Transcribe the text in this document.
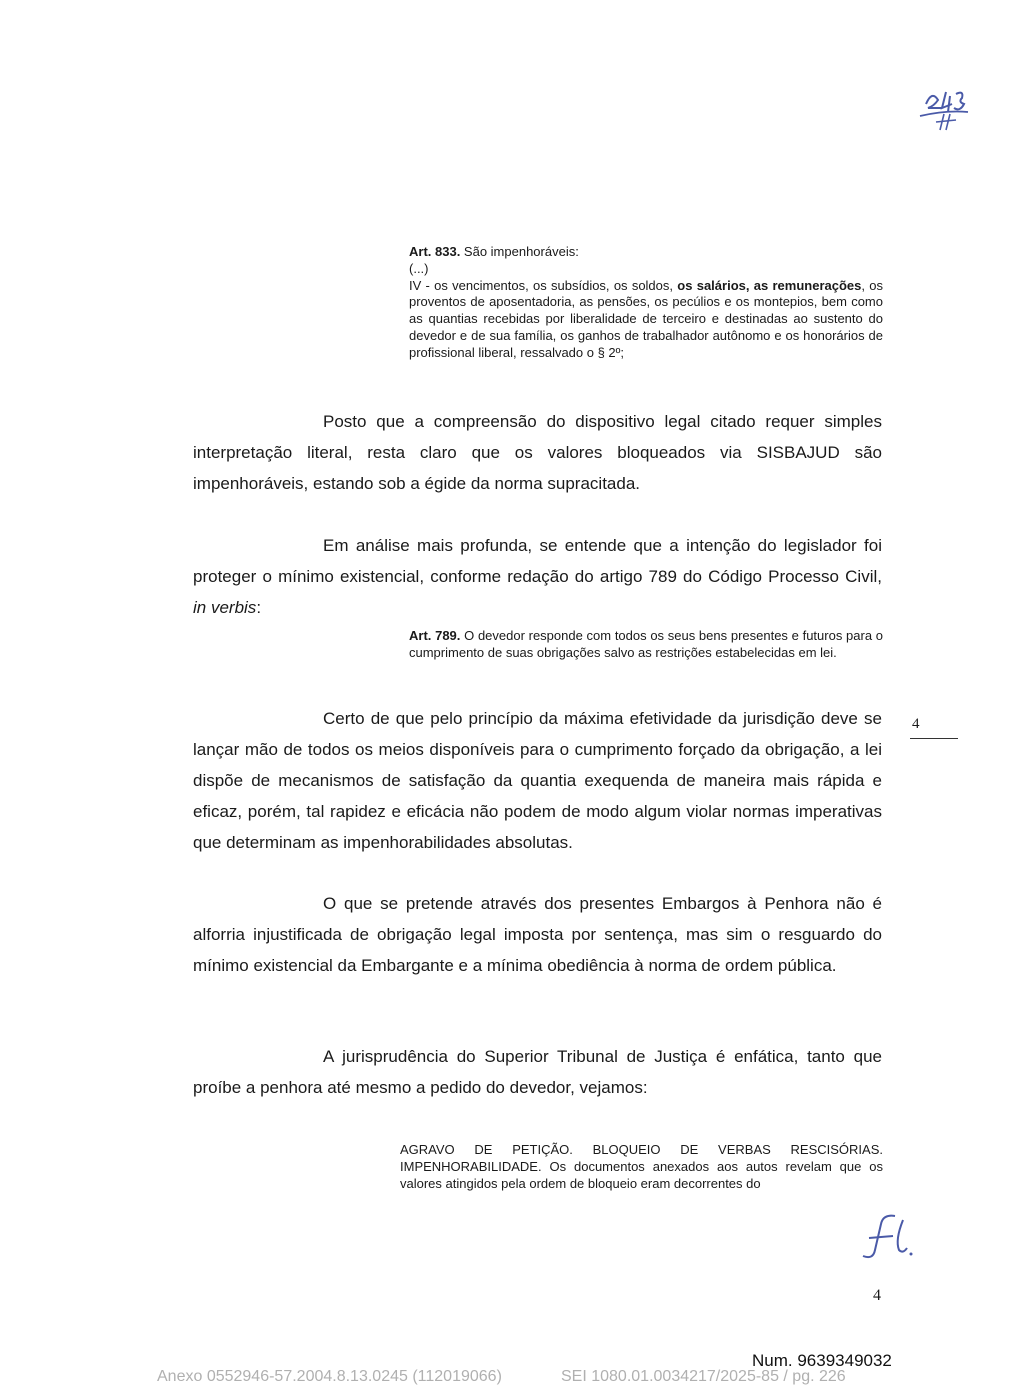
Art. 833. São impenhoráveis:
(...)
IV - os vencimentos, os subsídios, os soldos, os salários, as remunerações, os proventos de aposentadoria, as pensões, os pecúlios e os montepios, bem como as quantias recebidas por liberalidade de terceiro e destinadas ao sustento do devedor e de sua família, os ganhos de trabalhador autônomo e os honorários de profissional liberal, ressalvado o § 2º;
Posto que a compreensão do dispositivo legal citado requer simples interpretação literal, resta claro que os valores bloqueados via SISBAJUD são impenhoráveis, estando sob a égide da norma supracitada.
Em análise mais profunda, se entende que a intenção do legislador foi proteger o mínimo existencial, conforme redação do artigo 789 do Código Processo Civil, in verbis:
Art. 789. O devedor responde com todos os seus bens presentes e futuros para o cumprimento de suas obrigações salvo as restrições estabelecidas em lei.
Certo de que pelo princípio da máxima efetividade da jurisdição deve se lançar mão de todos os meios disponíveis para o cumprimento forçado da obrigação, a lei dispõe de mecanismos de satisfação da quantia exequenda de maneira mais rápida e eficaz, porém, tal rapidez e eficácia não podem de modo algum violar normas imperativas que determinam as impenhorabilidades absolutas.
4
O que se pretende através dos presentes Embargos à Penhora não é alforria injustificada de obrigação legal imposta por sentença, mas sim o resguardo do mínimo existencial da Embargante e a mínima obediência à norma de ordem pública.
A jurisprudência do Superior Tribunal de Justiça é enfática, tanto que proíbe a penhora até mesmo a pedido do devedor, vejamos:
AGRAVO DE PETIÇÃO. BLOQUEIO DE VERBAS RESCISÓRIAS. IMPENHORABILIDADE. Os documentos anexados aos autos revelam que os valores atingidos pela ordem de bloqueio eram decorrentes do
4
Num. 9639349032
Anexo 0552946-57.2004.8.13.0245 (112019066)	SEI 1080.01.0034217/2025-85 / pg. 226
